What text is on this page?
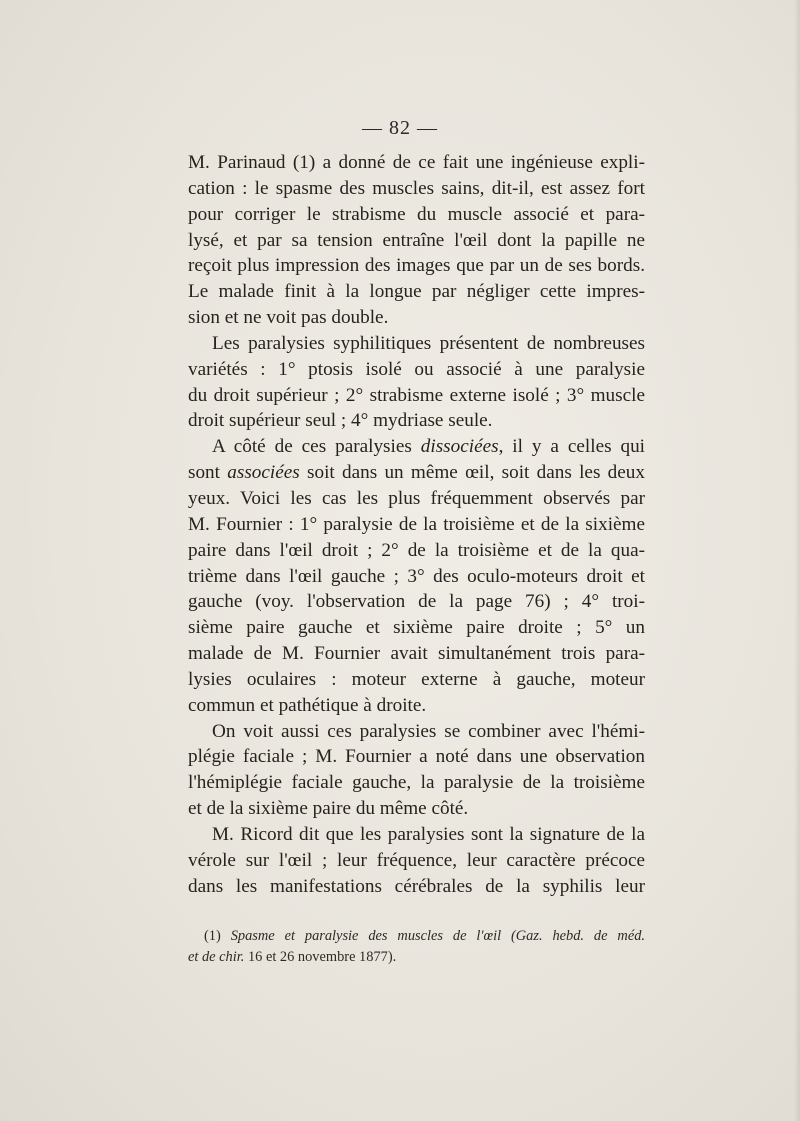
— 82 —
M. Parinaud (1) a donné de ce fait une ingénieuse expli-
cation : le spasme des muscles sains, dit-il, est assez fort
pour corriger le strabisme du muscle associé et para-
lysé, et par sa tension entraîne l'œil dont la papille ne
reçoit plus impression des images que par un de ses bords.
Le malade finit à la longue par négliger cette impres-
sion et ne voit pas double.
Les paralysies syphilitiques présentent de nombreuses
variétés : 1° ptosis isolé ou associé à une paralysie
du droit supérieur ; 2° strabisme externe isolé ; 3° muscle
droit supérieur seul ; 4° mydriase seule.
A côté de ces paralysies dissociées, il y a celles qui
sont associées soit dans un même œil, soit dans les deux
yeux. Voici les cas les plus fréquemment observés par
M. Fournier : 1° paralysie de la troisième et de la sixième
paire dans l'œil droit ; 2° de la troisième et de la qua-
trième dans l'œil gauche ; 3° des oculo-moteurs droit et
gauche (voy. l'observation de la page 76) ; 4° troi-
sième paire gauche et sixième paire droite ; 5° un
malade de M. Fournier avait simultanément trois para-
lysies oculaires : moteur externe à gauche, moteur
commun et pathétique à droite.
On voit aussi ces paralysies se combiner avec l'hémi-
plégie faciale ; M. Fournier a noté dans une observation
l'hémiplégie faciale gauche, la paralysie de la troisième
et de la sixième paire du même côté.
M. Ricord dit que les paralysies sont la signature de la
vérole sur l'œil ; leur fréquence, leur caractère précoce
dans les manifestations cérébrales de la syphilis leur
(1) Spasme et paralysie des muscles de l'œil (Gaz. hebd. de méd.
et de chir. 16 et 26 novembre 1877).
